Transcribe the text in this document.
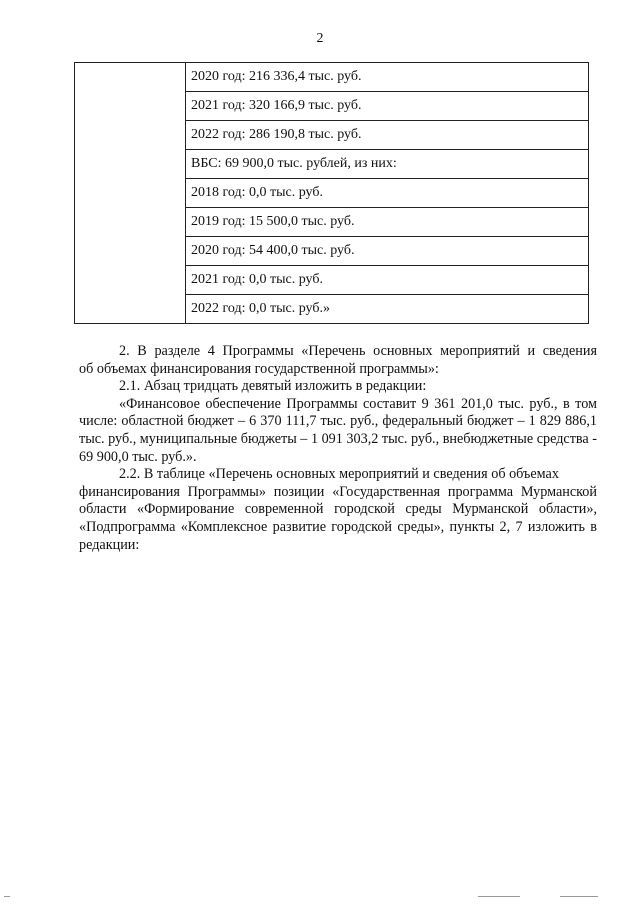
2
	2020 год: 216 336,4 тыс. руб.
2021 год: 320 166,9 тыс. руб.
2022 год: 286 190,8 тыс. руб.
ВБС: 69 900,0 тыс. рублей, из них:
2018 год: 0,0 тыс. руб.
2019 год: 15 500,0 тыс. руб.
2020 год: 54 400,0 тыс. руб.
2021 год: 0,0 тыс. руб.
2022 год: 0,0 тыс. руб.»

2. В разделе 4 Программы «Перечень основных мероприятий и сведения

об объемах финансирования государственной программы»:

2.1. Абзац тридцать девятый изложить в редакции:

«Финансовое обеспечение Программы составит 9 361 201,0 тыс. руб., в том числе: областной бюджет – 6 370 111,7 тыс. руб., федеральный бюджет – 1 829 886,1 тыс. руб., муниципальные бюджеты – 1 091 303,2 тыс. руб., внебюджетные средства - 69 900,0 тыс. руб.».

2.2. В таблице «Перечень основных мероприятий и сведения об объемах

финансирования Программы» позиции «Государственная программа Мурманской области «Формирование современной городской среды Мурманской области», «Подпрограмма «Комплексное развитие городской среды», пункты 2, 7 изложить в редакции:
